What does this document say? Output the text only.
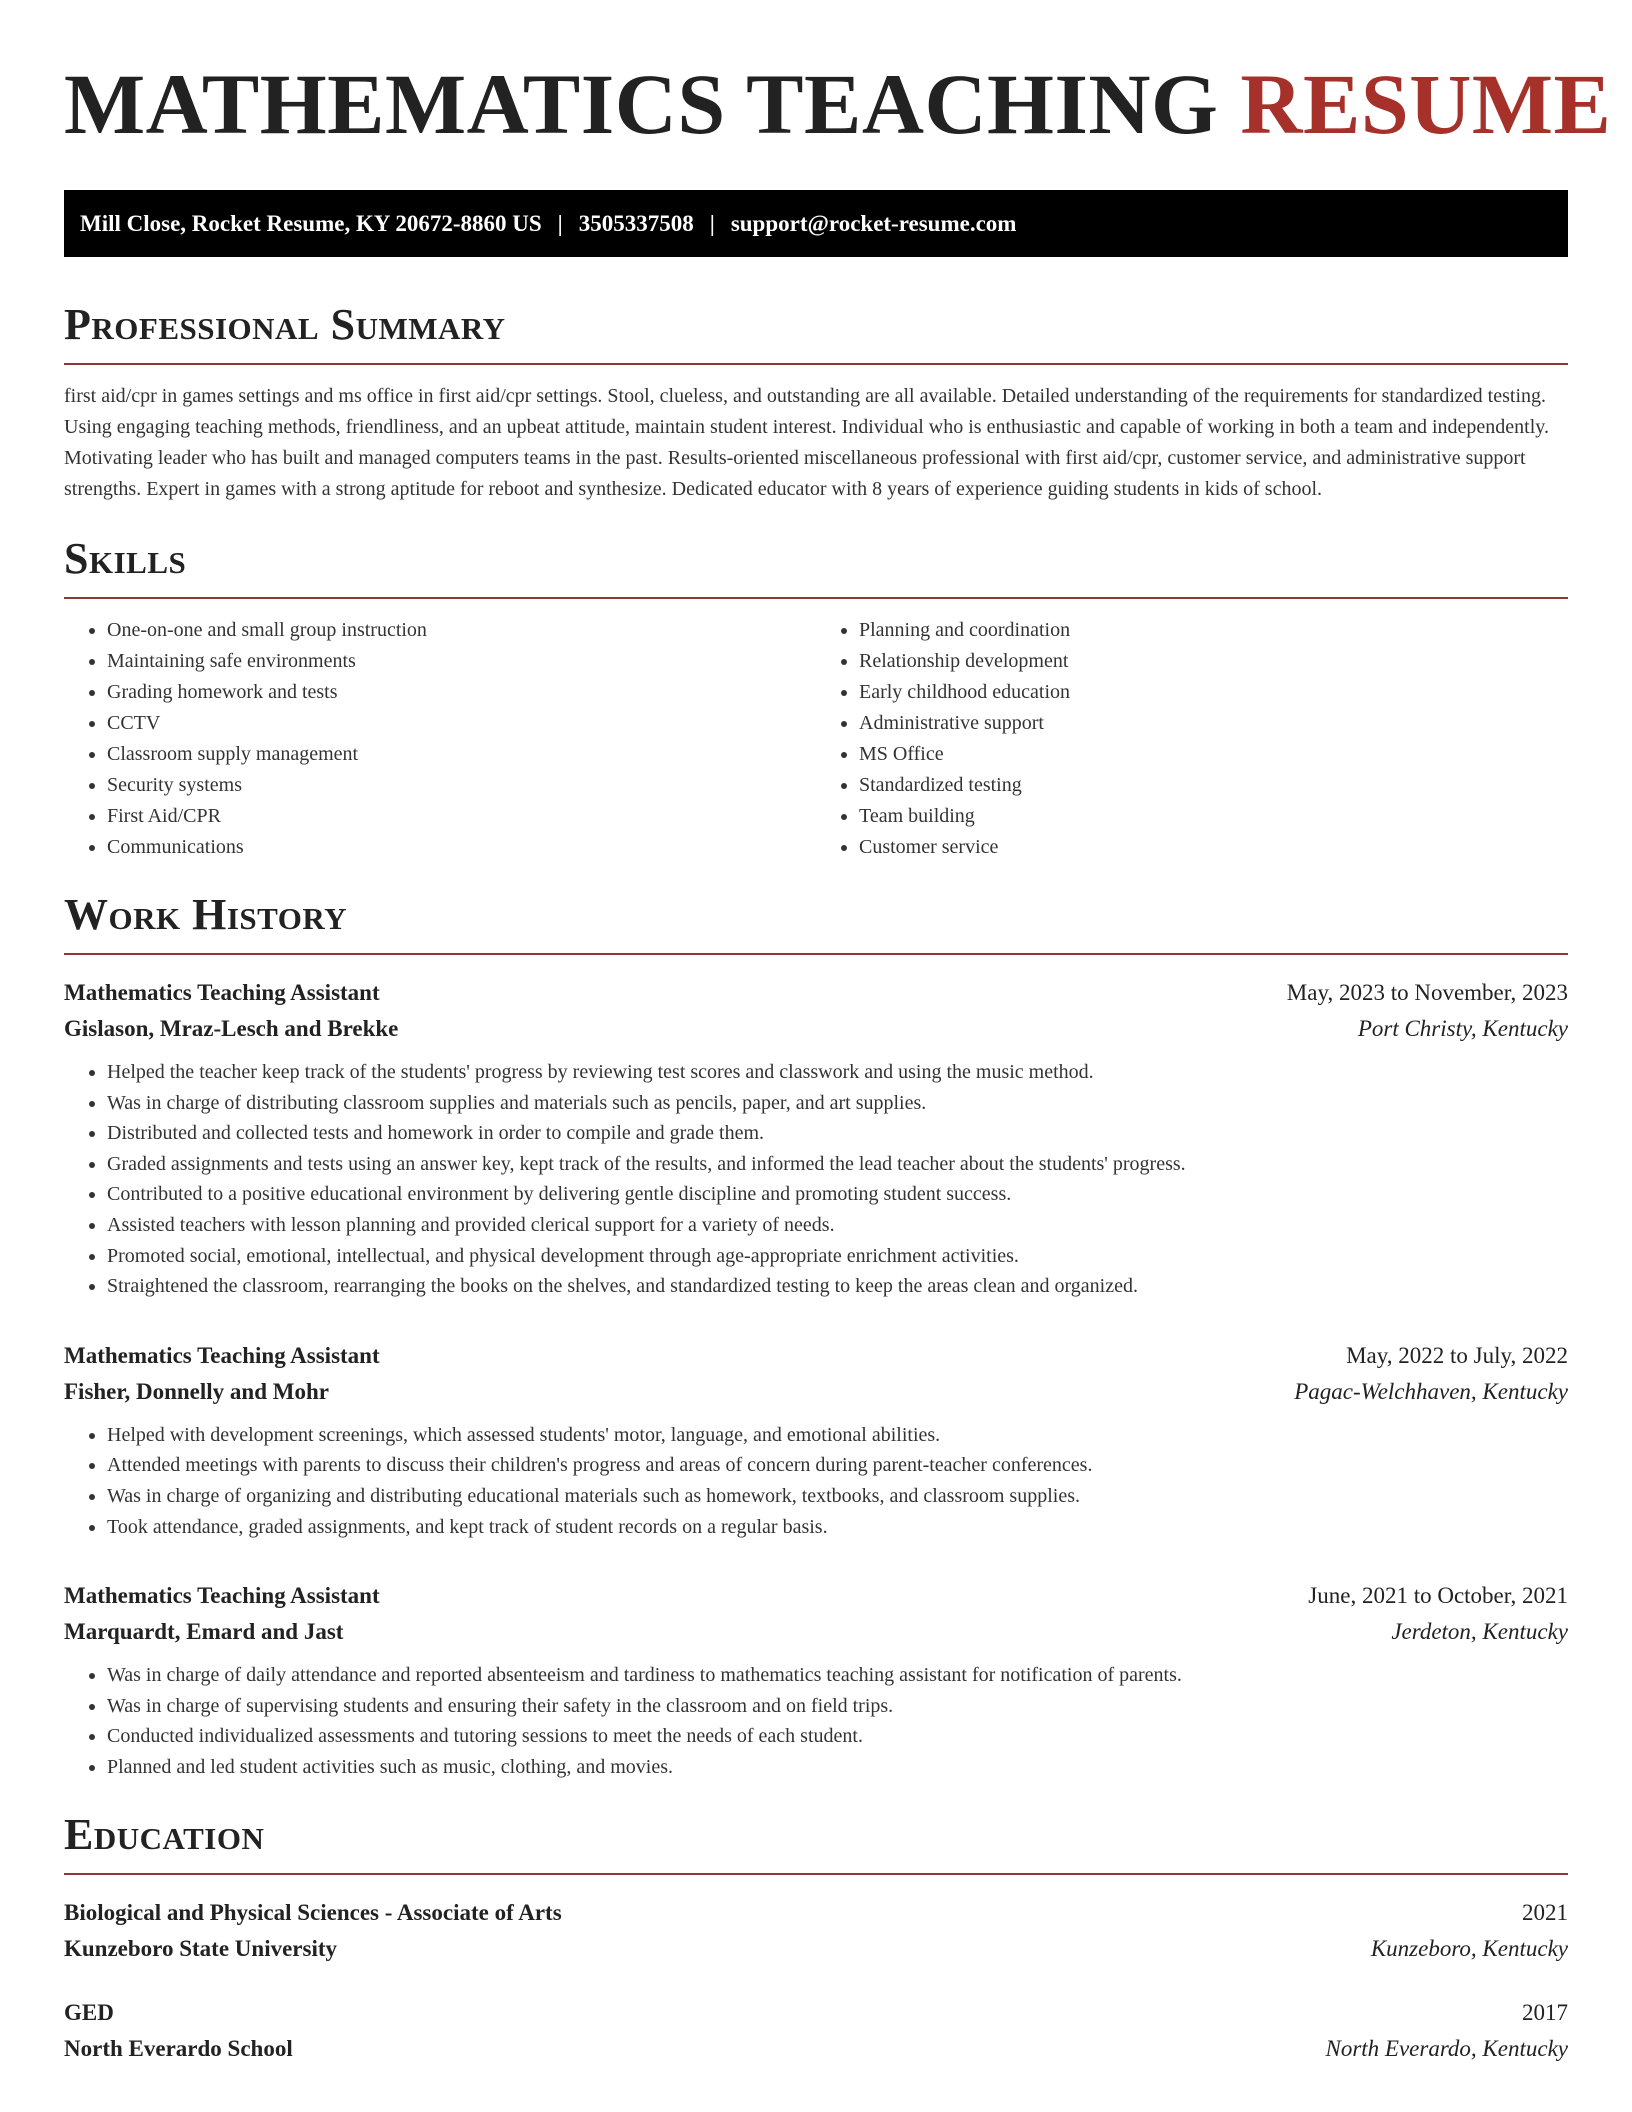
MATHEMATICS TEACHING RESUME
Mill Close, Rocket Resume, KY 20672-8860 US | 3505337508 | support@rocket-resume.com
Professional Summary

first aid/cpr in games settings and ms office in first aid/cpr settings. Stool, clueless, and outstanding are all available. Detailed understanding of the requirements for standardized testing. Using engaging teaching methods, friendliness, and an upbeat attitude, maintain student interest. Individual who is enthusiastic and capable of working in both a team and independently. Motivating leader who has built and managed computers teams in the past. Results-oriented miscellaneous professional with first aid/cpr, customer service, and administrative support strengths. Expert in games with a strong aptitude for reboot and synthesize. Dedicated educator with 8 years of experience guiding students in kids of school.

Skills
• One-on-one and small group instruction
• Maintaining safe environments
• Grading homework and tests
• CCTV
• Classroom supply management
• Security systems
• First Aid/CPR
• Communications
• Planning and coordination
• Relationship development
• Early childhood education
• Administrative support
• MS Office
• Standardized testing
• Team building
• Customer service
Work History
Mathematics Teaching Assistant	May, 2023 to November, 2023
Gislason, Mraz-Lesch and Brekke	Port Christy, Kentucky
• Helped the teacher keep track of the students' progress by reviewing test scores and classwork and using the music method.
• Was in charge of distributing classroom supplies and materials such as pencils, paper, and art supplies.
• Distributed and collected tests and homework in order to compile and grade them.
• Graded assignments and tests using an answer key, kept track of the results, and informed the lead teacher about the students' progress.
• Contributed to a positive educational environment by delivering gentle discipline and promoting student success.
• Assisted teachers with lesson planning and provided clerical support for a variety of needs.
• Promoted social, emotional, intellectual, and physical development through age-appropriate enrichment activities.
• Straightened the classroom, rearranging the books on the shelves, and standardized testing to keep the areas clean and organized.
Mathematics Teaching Assistant	May, 2022 to July, 2022
Fisher, Donnelly and Mohr	Pagac-Welchhaven, Kentucky
• Helped with development screenings, which assessed students' motor, language, and emotional abilities.
• Attended meetings with parents to discuss their children's progress and areas of concern during parent-teacher conferences.
• Was in charge of organizing and distributing educational materials such as homework, textbooks, and classroom supplies.
• Took attendance, graded assignments, and kept track of student records on a regular basis.
Mathematics Teaching Assistant	June, 2021 to October, 2021
Marquardt, Emard and Jast	Jerdeton, Kentucky
• Was in charge of daily attendance and reported absenteeism and tardiness to mathematics teaching assistant for notification of parents.
• Was in charge of supervising students and ensuring their safety in the classroom and on field trips.
• Conducted individualized assessments and tutoring sessions to meet the needs of each student.
• Planned and led student activities such as music, clothing, and movies.
Education
Biological and Physical Sciences - Associate of Arts	2021
Kunzeboro State University	Kunzeboro, Kentucky
GED	2017
North Everardo School	North Everardo, Kentucky
